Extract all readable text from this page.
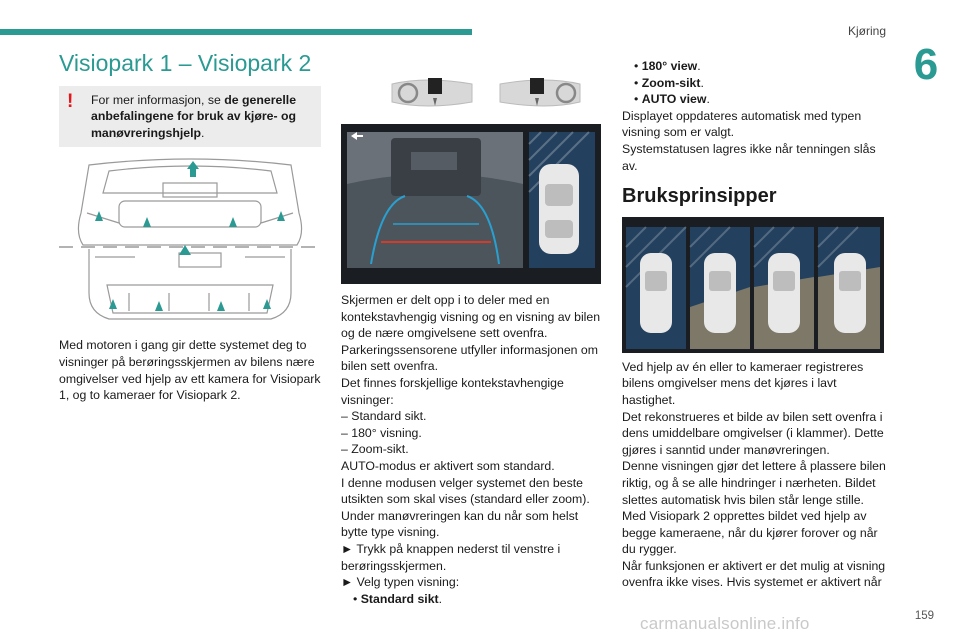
Kjøring
6
Visiopark 1 – Visiopark 2
!	For mer informasjon, se de generelle anbefalingene for bruk av kjøre- og manøvreringshjelp.
Med motoren i gang gir dette systemet deg to visninger på berøringsskjermen av bilens nære omgivelser ved hjelp av ett kamera for Visiopark 1, og to kameraer for Visiopark 2.
Skjermen er delt opp i to deler med en kontekstavhengig visning og en visning av bilen og de nære omgivelsene sett ovenfra.
Parkeringssensorene utfyller informasjonen om bilen sett ovenfra.
Det finnes forskjellige kontekstavhengige visninger:
– Standard sikt.
– 180° visning.
– Zoom-sikt.
AUTO-modus er aktivert som standard.
I denne modusen velger systemet den beste utsikten som skal vises (standard eller zoom).
Under manøvreringen kan du når som helst bytte type visning.
► Trykk på knappen nederst til venstre i berøringsskjermen.
► Velg typen visning:
• Standard sikt.
• 180° view.
• Zoom-sikt.
• AUTO view.
Displayet oppdateres automatisk med typen visning som er valgt.
Systemstatusen lagres ikke når tenningen slås av.
Bruksprinsipper
Ved hjelp av én eller to kameraer registreres bilens omgivelser mens det kjøres i lavt hastighet.
Det rekonstrueres et bilde av bilen sett ovenfra i dens umiddelbare omgivelser (i klammer). Dette gjøres i sanntid under manøvreringen.
Denne visningen gjør det lettere å plassere bilen riktig, og å se alle hindringer i nærheten. Bildet slettes automatisk hvis bilen står lenge stille.
Med Visiopark 2 opprettes bildet ved hjelp av begge kameraene, når du kjører forover og når du rygger.
Når funksjonen er aktivert er det mulig at visning ovenfra ikke vises. Hvis systemet er aktivert når
carmanualsonline.info	159
